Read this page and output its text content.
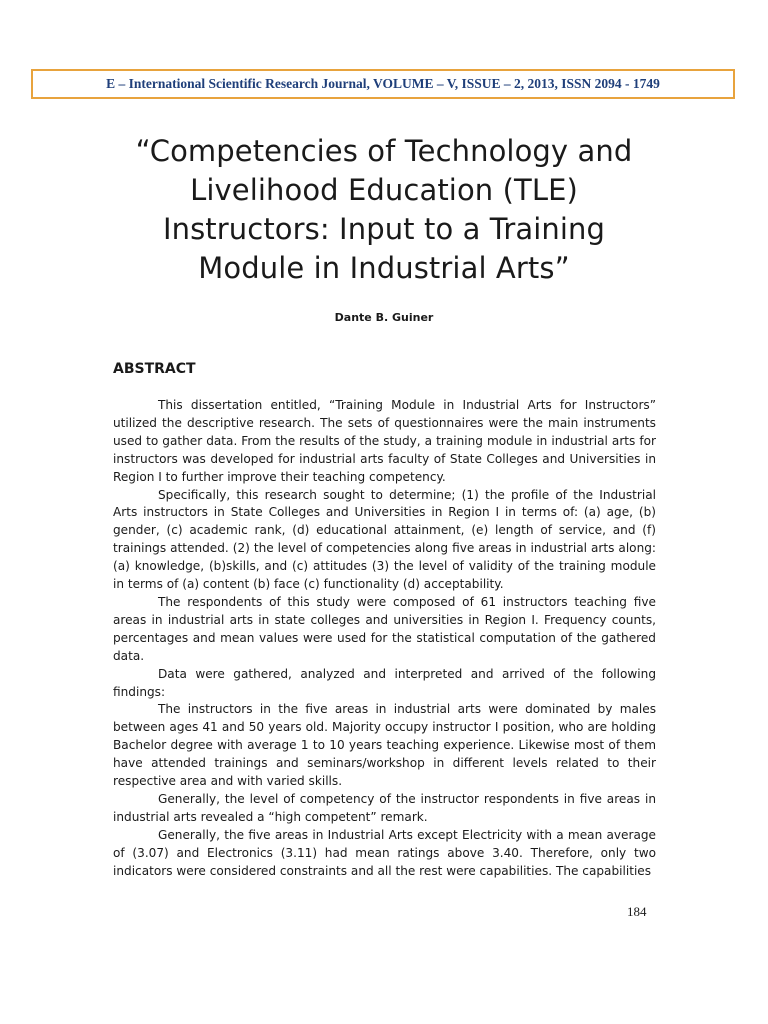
E – International Scientific Research Journal, VOLUME – V, ISSUE – 2, 2013, ISSN 2094 - 1749
“Competencies of Technology and
Livelihood Education (TLE)
Instructors: Input to a Training
Module in Industrial Arts”
Dante B. Guiner
ABSTRACT

This dissertation entitled, “Training Module in Industrial Arts for Instructors” utilized the descriptive research. The sets of questionnaires were the main instruments used to gather data. From the results of the study, a training module in industrial arts for instructors was developed for industrial arts faculty of State Colleges and Universities in Region I to further improve their teaching competency.

Specifically, this research sought to determine; (1) the profile of the Industrial Arts instructors in State Colleges and Universities in Region I in terms of: (a) age, (b) gender, (c) academic rank, (d) educational attainment, (e) length of service, and (f) trainings attended. (2) the level of competencies along five areas in industrial arts along: (a) knowledge, (b)skills, and (c) attitudes (3) the level of validity of the training module in terms of (a) content (b) face (c) functionality (d) acceptability.

The respondents of this study were composed of 61 instructors teaching five areas in industrial arts in state colleges and universities in Region I. Frequency counts, percentages and mean values were used for the statistical computation of the gathered data.

Data were gathered, analyzed and interpreted and arrived of the following findings:

The instructors in the five areas in industrial arts were dominated by males between ages 41 and 50 years old. Majority occupy instructor I position, who are holding Bachelor degree with average 1 to 10 years teaching experience. Likewise most of them have attended trainings and seminars/workshop in different levels related to their respective area and with varied skills.

Generally, the level of competency of the instructor respondents in five areas in industrial arts revealed a “high competent” remark.

Generally, the five areas in Industrial Arts except Electricity with a mean average of (3.07) and Electronics (3.11) had mean ratings above 3.40. Therefore, only two indicators were considered constraints and all the rest were capabilities. The capabilities

184
